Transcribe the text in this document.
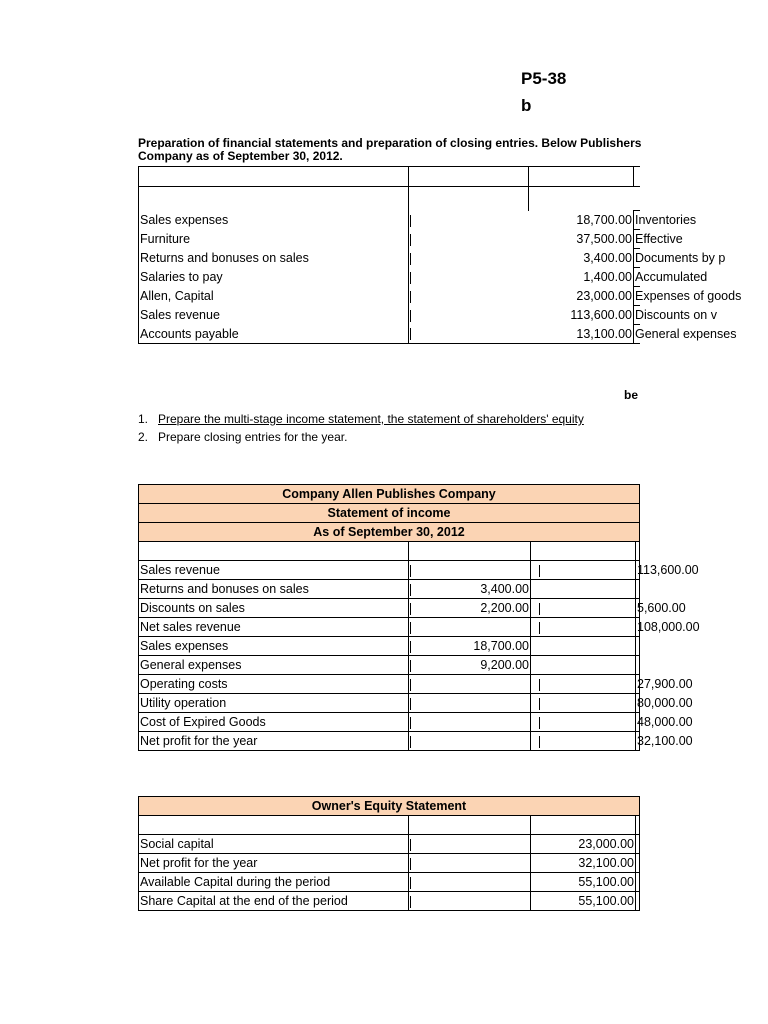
P5-38
b
Preparation of financial statements and preparation of closing entries. Below Publishers Company as of September 30, 2012.

Sales expenses		18,700.00	Inventories
Furniture		37,500.00	Effective
Returns and bonuses on sales		3,400.00	Documents by p
Salaries to pay		1,400.00	Accumulated
Allen, Capital		23,000.00	Expenses of goods
Sales revenue		113,600.00	Discounts on v
Accounts payable		13,100.00	General expenses
be
1. Prepare the multi-stage income statement, the statement of shareholders' equity
2. Prepare closing entries for the year.
Company Allen Publishes Company			
Statement of income			
As of September 30, 2012			

Sales revenue			113,600.00
Returns and bonuses on sales	3,400.00		

Discounts on sales	2,200.00		5,600.00
Net sales revenue			108,000.00
Sales expenses	18,700.00		

General expenses	9,200.00		

Operating costs			27,900.00
Utility operation			80,000.00
Cost of Expired Goods			48,000.00
Net profit for the year			32,100.00
Owner's Equity Statement			

Social capital		23,000.00	
Net profit for the year		32,100.00	
Available Capital during the period		55,100.00	
Share Capital at the end of the period		55,100.00	
